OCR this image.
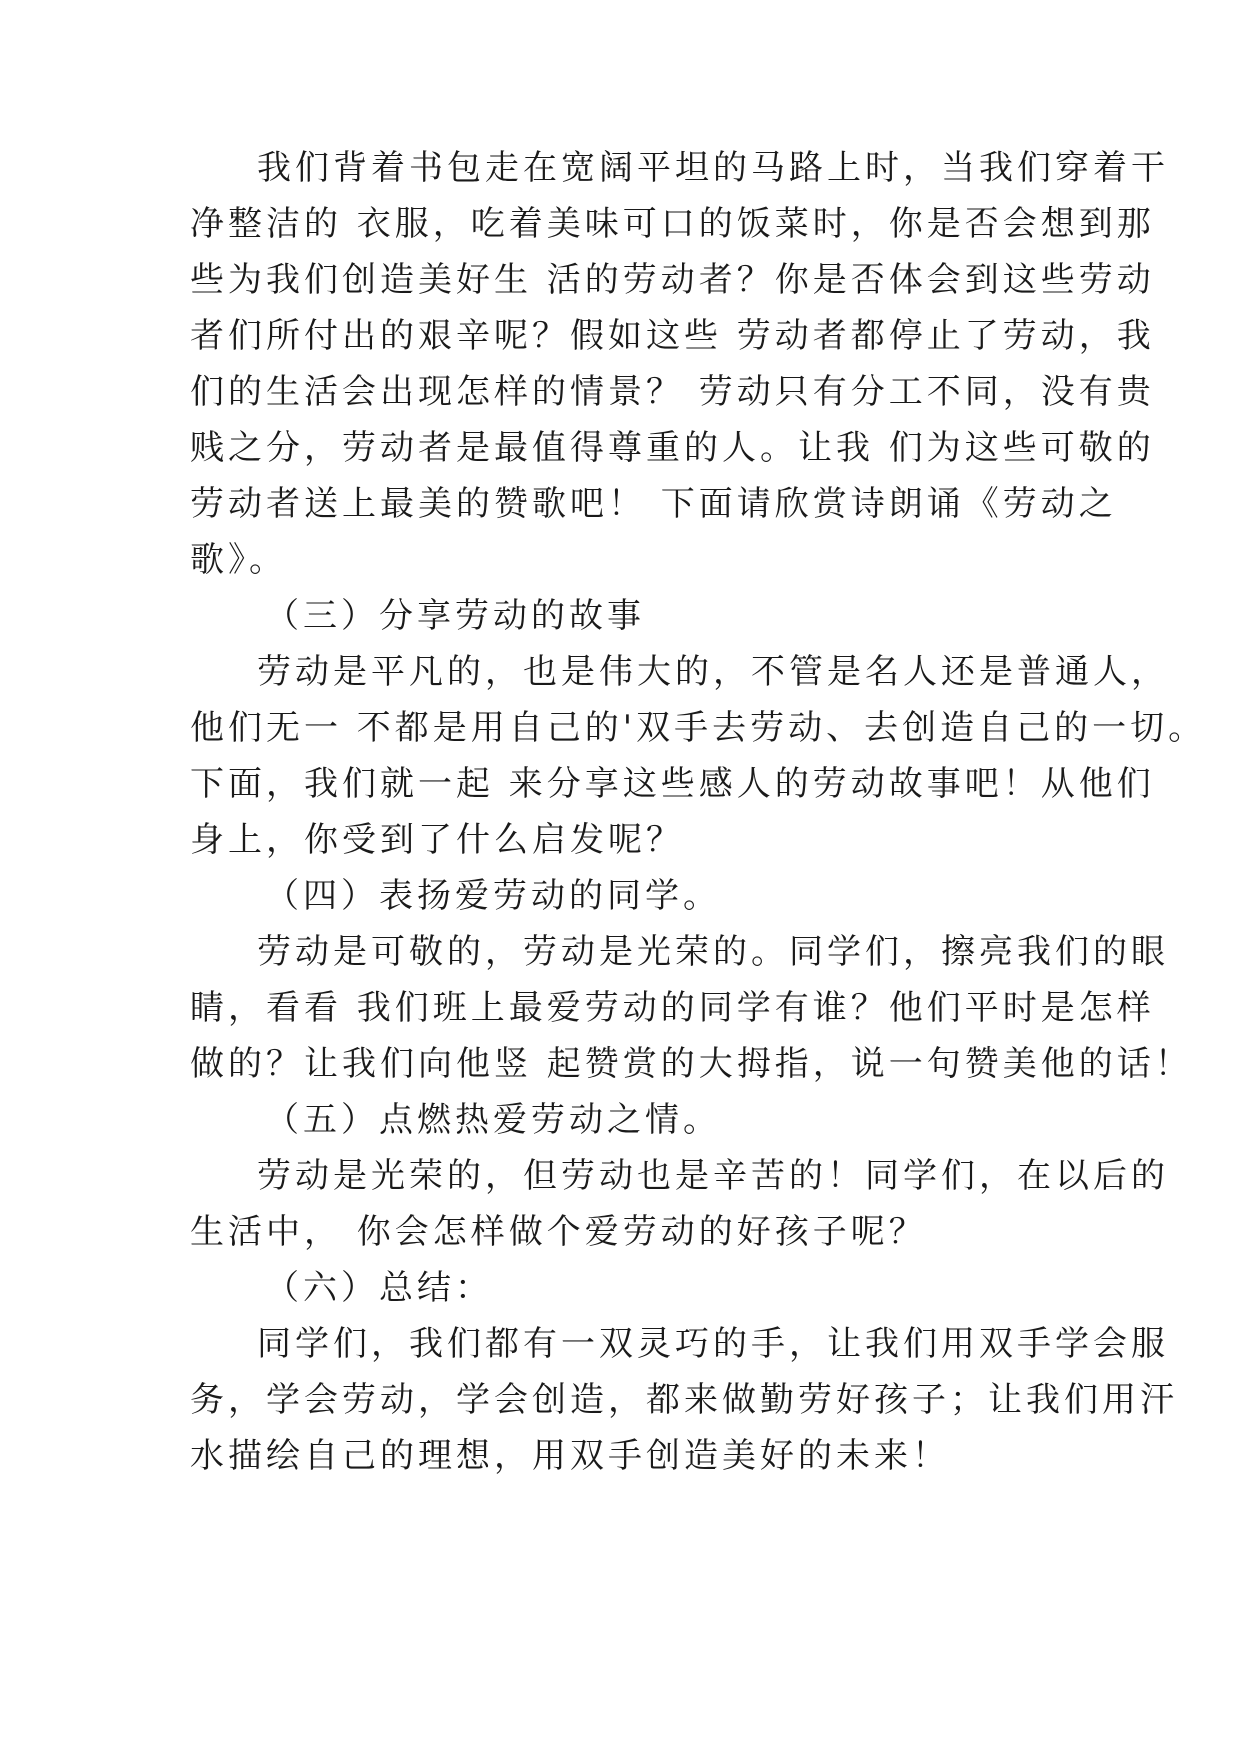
我们背着书包走在宽阔平坦的马路上时，当我们穿着干
净整洁的 衣服，吃着美味可口的饭菜时，你是否会想到那
些为我们创造美好生 活的劳动者？你是否体会到这些劳动
者们所付出的艰辛呢？假如这些 劳动者都停止了劳动，我
们的生活会出现怎样的情景？ 劳动只有分工不同，没有贵
贱之分，劳动者是最值得尊重的人。让我 们为这些可敬的
劳动者送上最美的赞歌吧！ 下面请欣赏诗朗诵《劳动之
歌》。
（三）分享劳动的故事
劳动是平凡的，也是伟大的，不管是名人还是普通人，
他们无一 不都是用自己的'双手去劳动、去创造自己的一切。
下面，我们就一起 来分享这些感人的劳动故事吧！从他们
身上，你受到了什么启发呢？
（四）表扬爱劳动的同学。
劳动是可敬的，劳动是光荣的。同学们，擦亮我们的眼
睛，看看 我们班上最爱劳动的同学有谁？他们平时是怎样
做的？让我们向他竖 起赞赏的大拇指，说一句赞美他的话！
（五）点燃热爱劳动之情。
劳动是光荣的，但劳动也是辛苦的！同学们，在以后的
生活中， 你会怎样做个爱劳动的好孩子呢？
（六）总结：
同学们，我们都有一双灵巧的手，让我们用双手学会服
务，学会劳动，学会创造，都来做勤劳好孩子；让我们用汗
水描绘自己的理想，用双手创造美好的未来！
